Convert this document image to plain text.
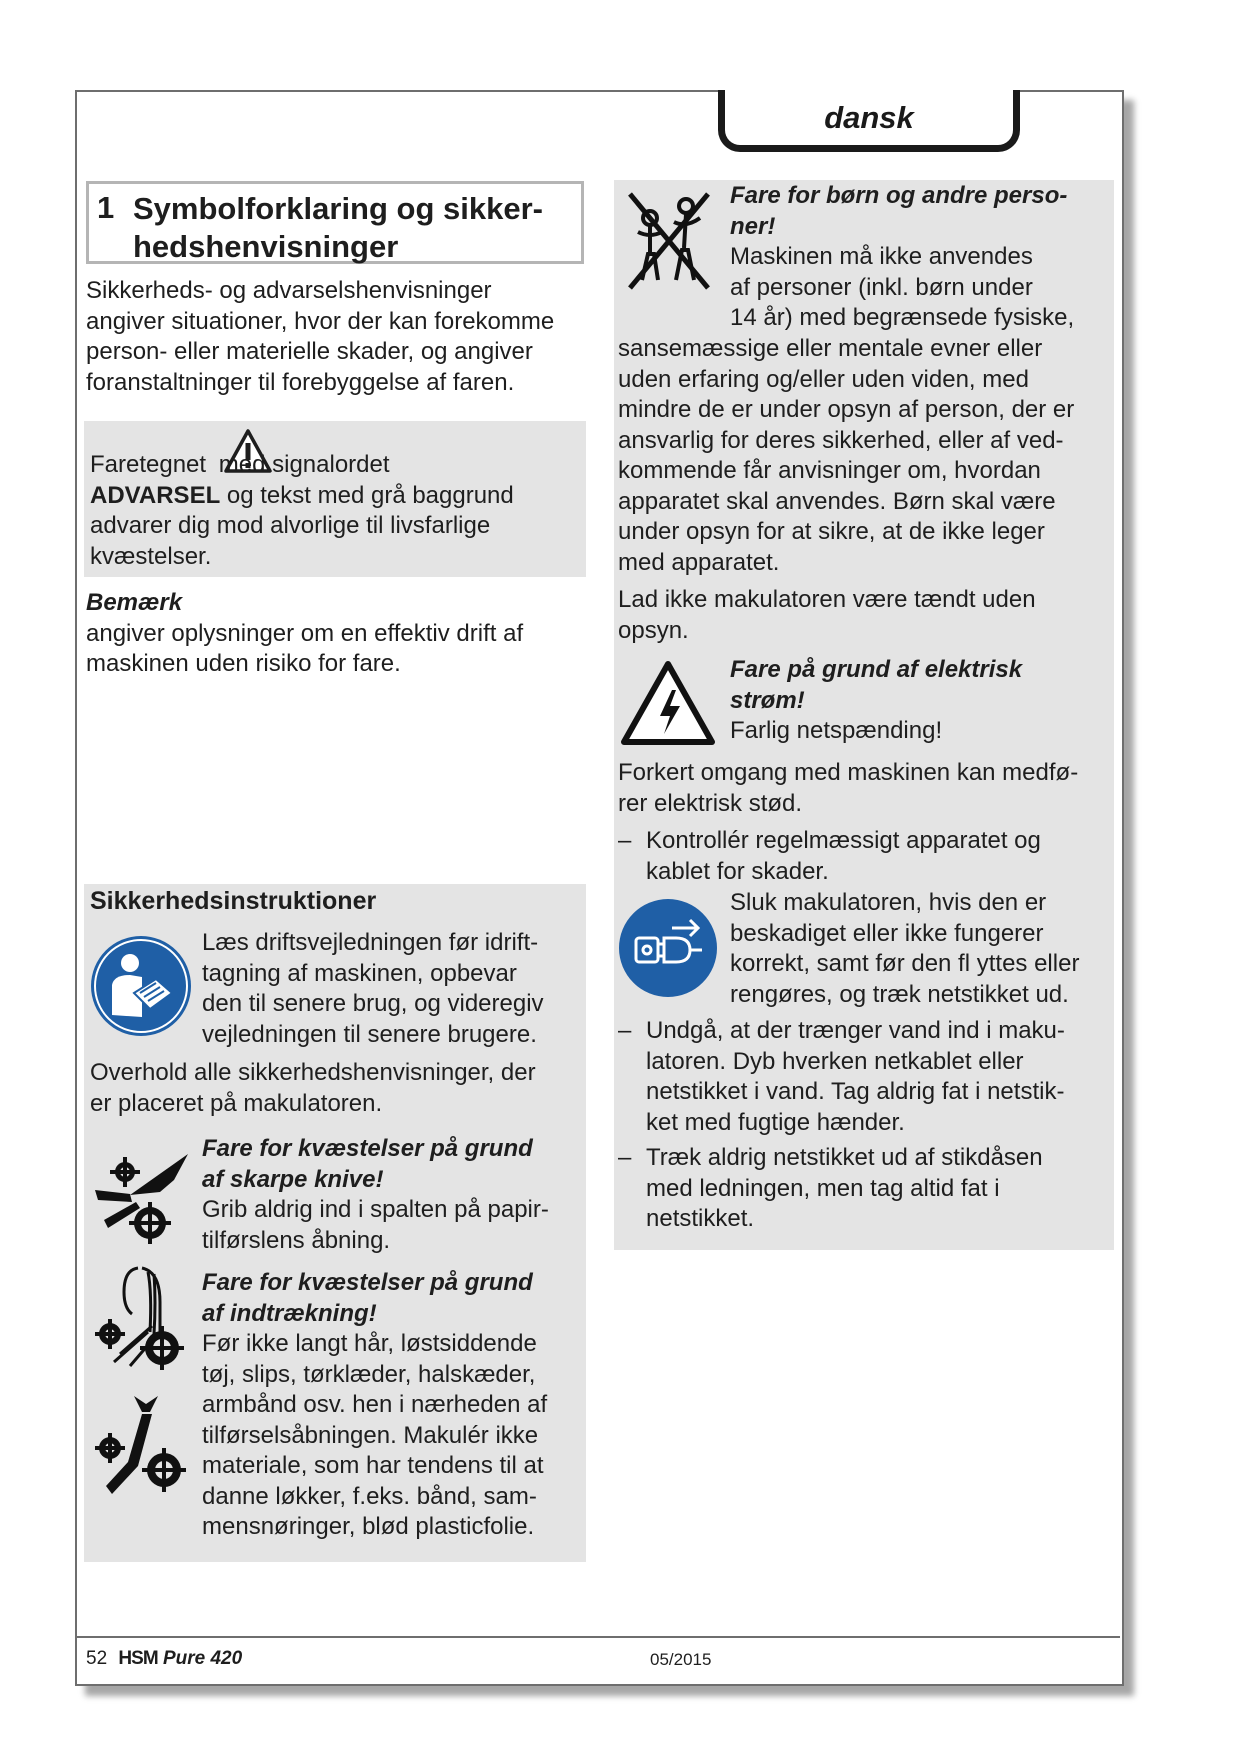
dansk
1 Symbolforklaring og sikker-
hedshenvisninger
Sikkerheds- og advarselshenvisninger
angiver situationer, hvor der kan forekomme
person- eller materielle skader, og angiver
foranstaltninger til forebyggelse af faren.
Faretegnet med signalordet
ADVARSEL og tekst med grå baggrund
advarer dig mod alvorlige til livsfarlige
kvæstelser.
Bemærk
angiver oplysninger om en effektiv drift af
maskinen uden risiko for fare.
Sikkerhedsinstruktioner
Læs driftsvejledningen før idrift-
tagning af maskinen, opbevar
den til senere brug, og videregiv
vejledningen til senere brugere.
Overhold alle sikkerhedshenvisninger, der
er placeret på makulatoren.
Fare for kvæstelser på grund
af skarpe knive!
Grib aldrig ind i spalten på papir-
tilførslens åbning.
Fare for kvæstelser på grund
af indtrækning!
Før ikke langt hår, løstsiddende
tøj, slips, tørklæder, halskæder,
armbånd osv. hen i nærheden af
tilførselsåbningen. Makulér ikke
materiale, som har tendens til at
danne løkker, f.eks. bånd, sam-
mensnøringer, blød plasticfolie.
Fare for børn og andre perso-
ner!
Maskinen må ikke anvendes
af personer (inkl. børn under
14 år) med begrænsede fysiske,
sansemæssige eller mentale evner eller
uden erfaring og/eller uden viden, med
mindre de er under opsyn af person, der er
ansvarlig for deres sikkerhed, eller af ved-
kommende får anvisninger om, hvordan
apparatet skal anvendes. Børn skal være
under opsyn for at sikre, at de ikke leger
med apparatet.
Lad ikke makulatoren være tændt uden
opsyn.
Fare på grund af elektrisk
strøm!
Farlig netspænding!
Forkert omgang med maskinen kan medfø-
rer elektrisk stød.
– Kontrollér regelmæssigt apparatet og
kablet for skader.
Sluk makulatoren, hvis den er
beskadiget eller ikke fungerer
korrekt, samt før den fl yttes eller
rengøres, og træk netstikket ud.
– Undgå, at der trænger vand ind i maku-
latoren. Dyb hverken netkablet eller
netstikket i vand. Tag aldrig fat i netstik-
ket med fugtige hænder.
– Træk aldrig netstikket ud af stikdåsen
med ledningen, men tag altid fat i
netstikket.
52 HSM Pure 420	05/2015
